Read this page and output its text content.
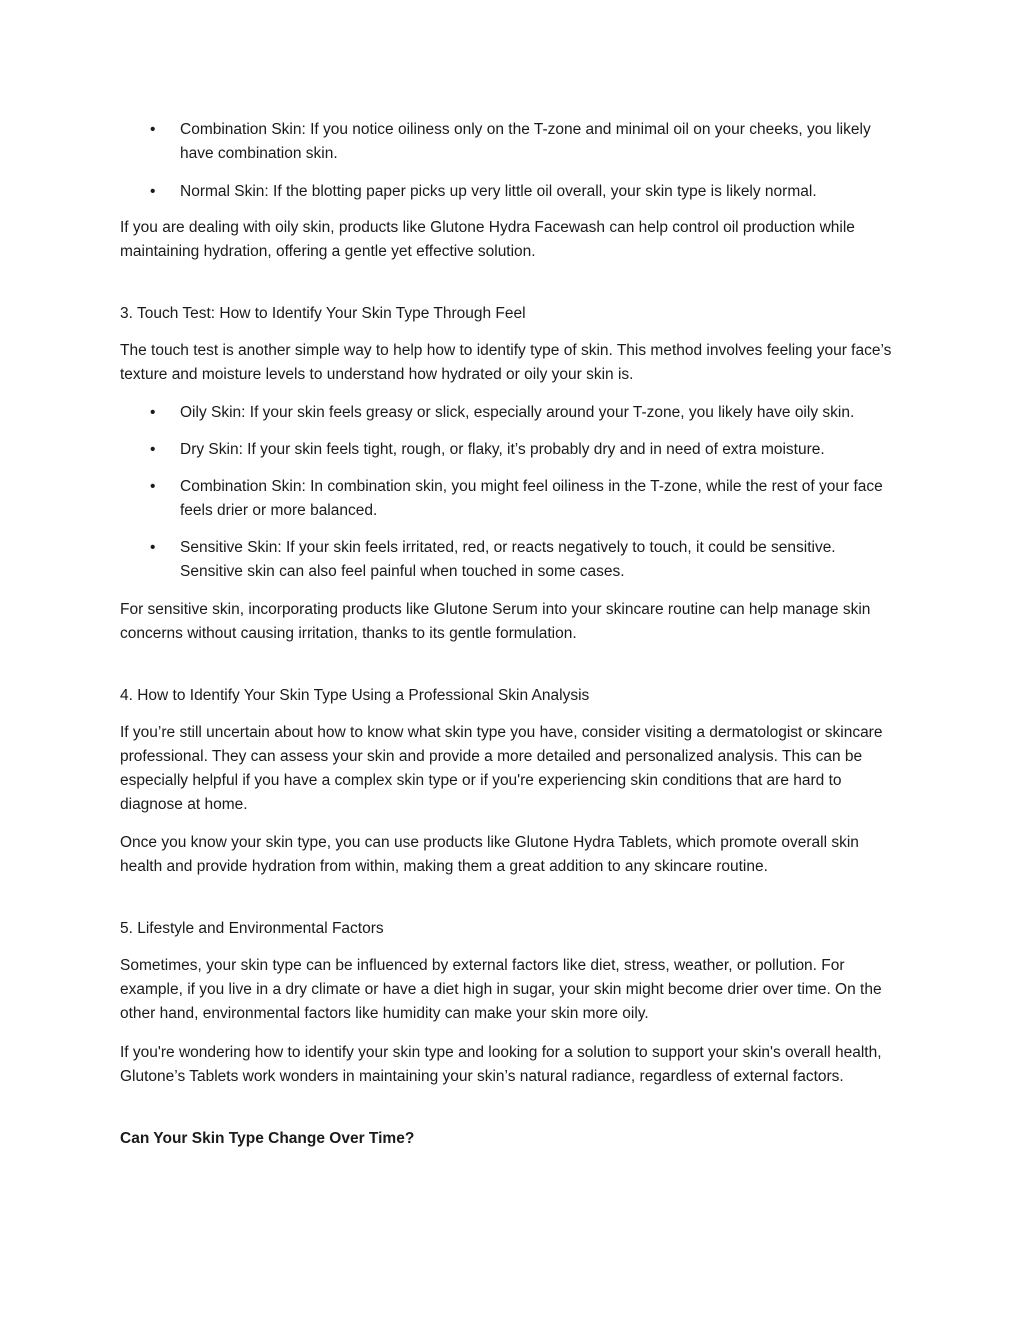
• Combination Skin: If you notice oiliness only on the T-zone and minimal oil on your cheeks, you likely have combination skin.
• Normal Skin: If the blotting paper picks up very little oil overall, your skin type is likely normal.

If you are dealing with oily skin, products like Glutone Hydra Facewash can help control oil production while maintaining hydration, offering a gentle yet effective solution.

3. Touch Test: How to Identify Your Skin Type Through Feel

The touch test is another simple way to help how to identify type of skin. This method involves feeling your face’s texture and moisture levels to understand how hydrated or oily your skin is.

• Oily Skin: If your skin feels greasy or slick, especially around your T-zone, you likely have oily skin.
• Dry Skin: If your skin feels tight, rough, or flaky, it’s probably dry and in need of extra moisture.
• Combination Skin: In combination skin, you might feel oiliness in the T-zone, while the rest of your face feels drier or more balanced.
• Sensitive Skin: If your skin feels irritated, red, or reacts negatively to touch, it could be sensitive. Sensitive skin can also feel painful when touched in some cases.

For sensitive skin, incorporating products like Glutone Serum into your skincare routine can help manage skin concerns without causing irritation, thanks to its gentle formulation.

4. How to Identify Your Skin Type Using a Professional Skin Analysis

If you’re still uncertain about how to know what skin type you have, consider visiting a dermatologist or skincare professional. They can assess your skin and provide a more detailed and personalized analysis. This can be especially helpful if you have a complex skin type or if you're experiencing skin conditions that are hard to diagnose at home.

Once you know your skin type, you can use products like Glutone Hydra Tablets, which promote overall skin health and provide hydration from within, making them a great addition to any skincare routine.

5. Lifestyle and Environmental Factors

Sometimes, your skin type can be influenced by external factors like diet, stress, weather, or pollution. For example, if you live in a dry climate or have a diet high in sugar, your skin might become drier over time. On the other hand, environmental factors like humidity can make your skin more oily.

If you're wondering how to identify your skin type and looking for a solution to support your skin's overall health, Glutone’s Tablets work wonders in maintaining your skin’s natural radiance, regardless of external factors.

Can Your Skin Type Change Over Time?
